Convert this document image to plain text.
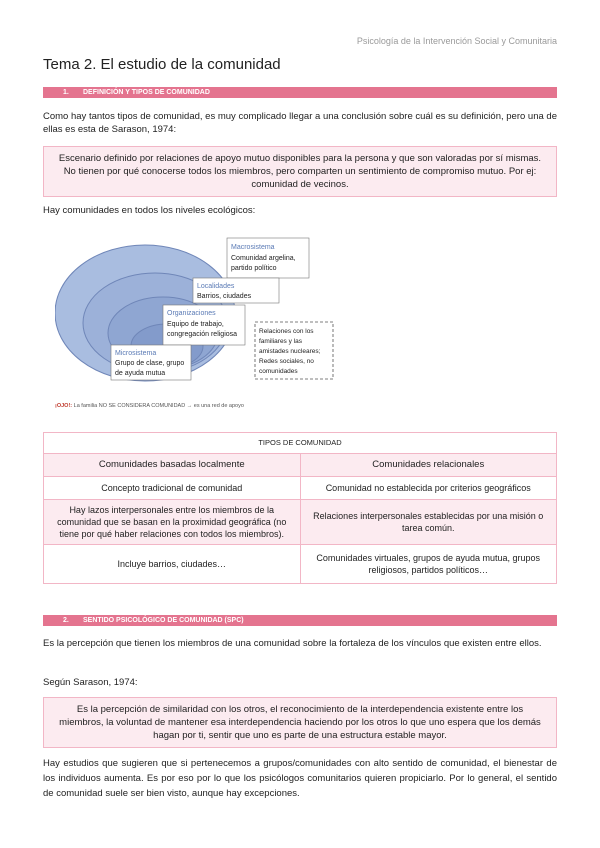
Psicología de la Intervención Social y Comunitaria
Tema 2. El estudio de la comunidad
1. DEFINICIÓN Y TIPOS DE COMUNIDAD
Como hay tantos tipos de comunidad, es muy complicado llegar a una conclusión sobre cuál es su definición, pero una de ellas es esta de Sarason, 1974:
Escenario definido por relaciones de apoyo mutuo disponibles para la persona y que son valoradas por sí mismas. No tienen por qué conocerse todos los miembros, pero comparten un sentimiento de compromiso mutuo. Por ej: comunidad de vecinos.
Hay comunidades en todos los niveles ecológicos:
Macrosistema
Comunidad argelina,
partido político
Localidades
Barrios, ciudades
Organizaciones
Equipo de trabajo,
congregación religiosa
Microsistema
Grupo de clase, grupo
de ayuda mutua
Relaciones con los
familiares y las
amistades nucleares;
Redes sociales, no
comunidades
¡OJO!: La familia NO SE CONSIDERA COMUNIDAD → es una red de apoyo
TIPOS DE COMUNIDAD	
Comunidades basadas localmente	Comunidades relacionales
Concepto tradicional de comunidad	Comunidad no establecida por criterios geográficos
Hay lazos interpersonales entre los miembros de la comunidad que se basan en la proximidad geográfica (no tiene por qué haber relaciones con todos los miembros).	Relaciones interpersonales establecidas por una misión o tarea común.
Incluye barrios, ciudades…	Comunidades virtuales, grupos de ayuda mutua, grupos religiosos, partidos políticos…
2. SENTIDO PSICOLÓGICO DE COMUNIDAD (SPC)
Es la percepción que tienen los miembros de una comunidad sobre la fortaleza de los vínculos que existen entre ellos.
Según Sarason, 1974:
Es la percepción de similaridad con los otros, el reconocimiento de la interdependencia existente entre los miembros, la voluntad de mantener esa interdependencia haciendo por los otros lo que uno espera que los demás hagan por ti, sentir que uno es parte de una estructura estable mayor.
Hay estudios que sugieren que si pertenecemos a grupos/comunidades con alto sentido de comunidad, el bienestar de los individuos aumenta. Es por eso por lo que los psicólogos comunitarios quieren propiciarlo. Por lo general, el sentido de comunidad suele ser bien visto, aunque hay excepciones.
